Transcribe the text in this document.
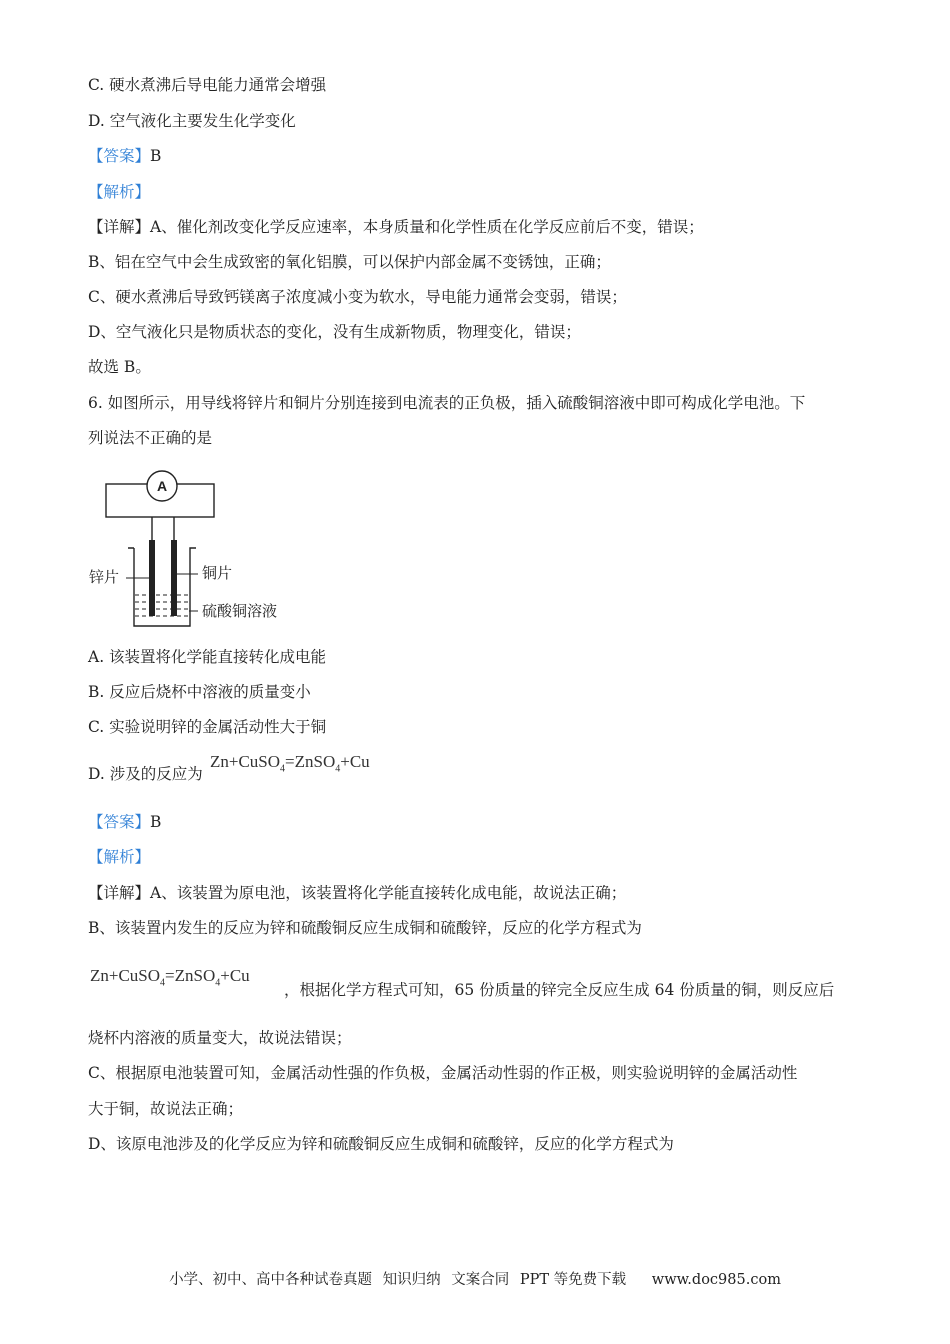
C. 硬水煮沸后导电能力通常会增强
D. 空气液化主要发生化学变化
【答案】B
【解析】
【详解】A、催化剂改变化学反应速率，本身质量和化学性质在化学反应前后不变，错误；
B、铝在空气中会生成致密的氧化铝膜，可以保护内部金属不变锈蚀，正确；
C、硬水煮沸后导致钙镁离子浓度减小变为软水，导电能力通常会变弱，错误；
D、空气液化只是物质状态的变化，没有生成新物质，物理变化，错误；
故选 B。
6. 如图所示，用导线将锌片和铜片分别连接到电流表的正负极，插入硫酸铜溶液中即可构成化学电池。下
列说法不正确的是
A
锌片	铜片
硫酸铜溶液
A. 该装置将化学能直接转化成电能
B. 反应后烧杯中溶液的质量变小
C. 实验说明锌的金属活动性大于铜
D. 涉及的反应为
Zn+CuSO$_4$=ZnSO$_4$+Cu
【答案】B
【解析】
【详解】A、该装置为原电池，该装置将化学能直接转化成电能，故说法正确；
B、该装置内发生的反应为锌和硫酸铜反应生成铜和硫酸锌，反应的化学方程式为
Zn+CuSO$_4$=ZnSO$_4$+Cu
，根据化学方程式可知，65 份质量的锌完全反应生成 64 份质量的铜，则反应后
烧杯内溶液的质量变大，故说法错误；
C、根据原电池装置可知，金属活动性强的作负极，金属活动性弱的作正极，则实验说明锌的金属活动性
大于铜，故说法正确；
D、该原电池涉及的化学反应为锌和硫酸铜反应生成铜和硫酸锌，反应的化学方程式为
小学、初中、高中各种试卷真题 知识归纳 文案合同 PPT 等免费下载 www.doc985.com
